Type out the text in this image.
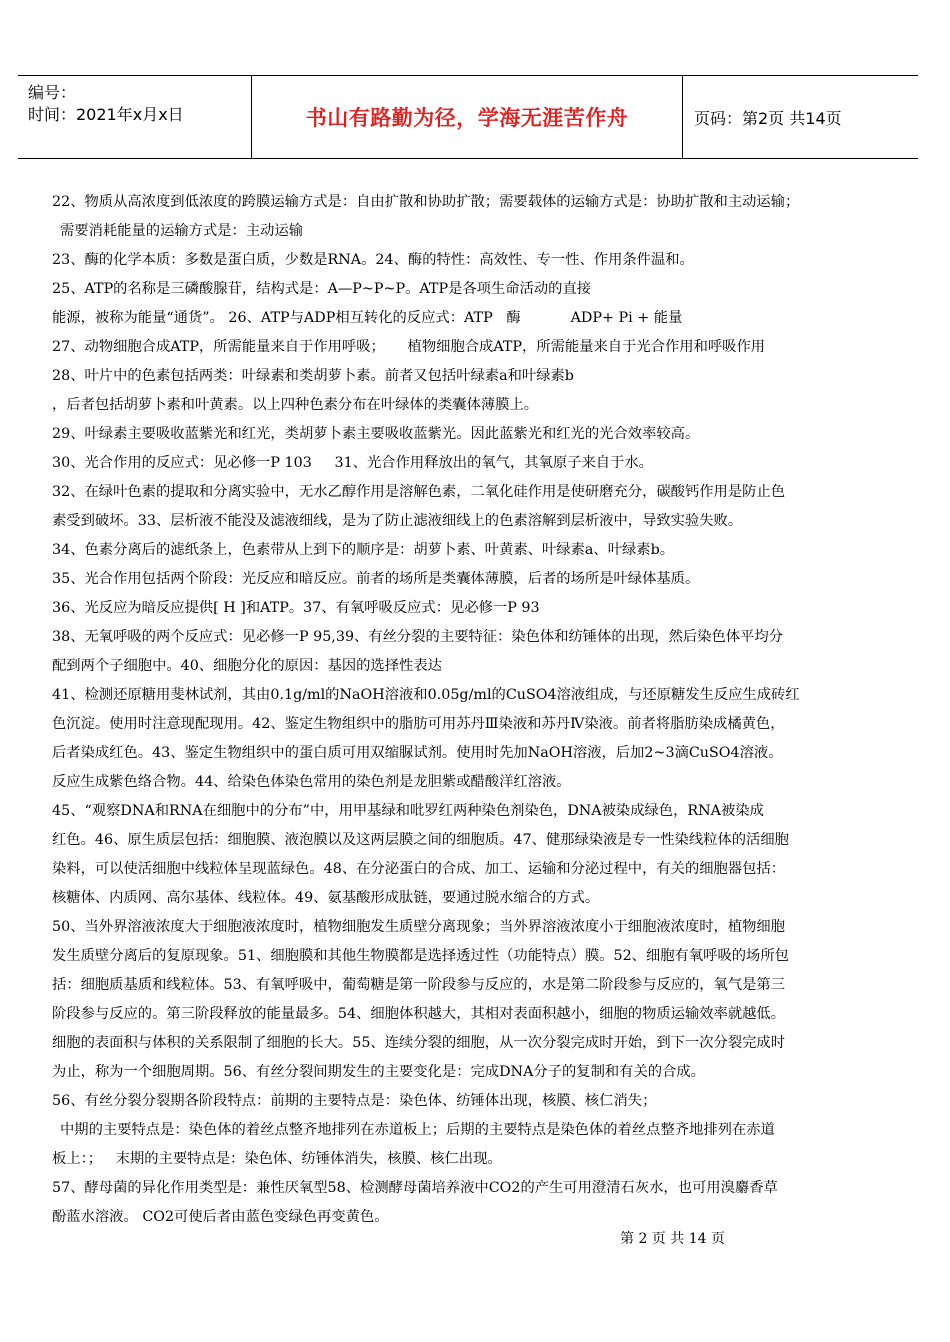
编号：
时间：2021年x月x日	书山有路勤为径，学海无涯苦作舟	页码：第2页 共14页
22、物质从高浓度到低浓度的跨膜运输方式是：自由扩散和协助扩散；需要载体的运输方式是：协助扩散和主动运输；
需要消耗能量的运输方式是：主动运输
23、酶的化学本质：多数是蛋白质，少数是RNA。24、酶的特性：高效性、专一性、作用条件温和。
25、ATP的名称是三磷酸腺苷，结构式是：A—P~P~P。ATP是各项生命活动的直接
能源，被称为能量“通货”。 26、ATP与ADP相互转化的反应式：ATP   酶           ADP+ Pi + 能量
27、动物细胞合成ATP，所需能量来自于作用呼吸；     植物细胞合成ATP，所需能量来自于光合作用和呼吸作用
28、叶片中的色素包括两类：叶绿素和类胡萝卜素。前者又包括叶绿素a和叶绿素b
，后者包括胡萝卜素和叶黄素。以上四种色素分布在叶绿体的类囊体薄膜上。
29、叶绿素主要吸收蓝紫光和红光，类胡萝卜素主要吸收蓝紫光。因此蓝紫光和红光的光合效率较高。
30、光合作用的反应式：见必修一P 103     31、光合作用释放出的氧气，其氧原子来自于水。
32、在绿叶色素的提取和分离实验中，无水乙醇作用是溶解色素，二氧化硅作用是使研磨充分，碳酸钙作用是防止色
素受到破坏。33、层析液不能没及滤液细线，是为了防止滤液细线上的色素溶解到层析液中，导致实验失败。
34、色素分离后的滤纸条上，色素带从上到下的顺序是：胡萝卜素、叶黄素、叶绿素a、叶绿素b。
35、光合作用包括两个阶段：光反应和暗反应。前者的场所是类囊体薄膜，后者的场所是叶绿体基质。
36、光反应为暗反应提供[ H ]和ATP。37、有氧呼吸反应式：见必修一P 93
38、无氧呼吸的两个反应式：见必修一P 95,39、有丝分裂的主要特征：染色体和纺锤体的出现，然后染色体平均分
配到两个子细胞中。40、细胞分化的原因：基因的选择性表达
41、检测还原糖用斐林试剂，其由0.1g/ml的NaOH溶液和0.05g/ml的CuSO4溶液组成，与还原糖发生反应生成砖红
色沉淀。使用时注意现配现用。42、鉴定生物组织中的脂肪可用苏丹Ⅲ染液和苏丹Ⅳ染液。前者将脂肪染成橘黄色，
后者染成红色。43、鉴定生物组织中的蛋白质可用双缩脲试剂。使用时先加NaOH溶液，后加2~3滴CuSO4溶液。
反应生成紫色络合物。44、给染色体染色常用的染色剂是龙胆紫或醋酸洋红溶液。
45、“观察DNA和RNA在细胞中的分布”中，用甲基绿和吡罗红两种染色剂染色，DNA被染成绿色，RNA被染成
红色。46、原生质层包括：细胞膜、液泡膜以及这两层膜之间的细胞质。47、健那绿染液是专一性染线粒体的活细胞
染料，可以使活细胞中线粒体呈现蓝绿色。48、在分泌蛋白的合成、加工、运输和分泌过程中，有关的细胞器包括：
核糖体、内质网、高尔基体、线粒体。49、氨基酸形成肽链，要通过脱水缩合的方式。
50、当外界溶液浓度大于细胞液浓度时，植物细胞发生质壁分离现象；当外界溶液浓度小于细胞液浓度时，植物细胞
发生质壁分离后的复原现象。51、细胞膜和其他生物膜都是选择透过性（功能特点）膜。52、细胞有氧呼吸的场所包
括：细胞质基质和线粒体。53、有氧呼吸中，葡萄糖是第一阶段参与反应的，水是第二阶段参与反应的，氧气是第三
阶段参与反应的。第三阶段释放的能量最多。54、细胞体积越大，其相对表面积越小，细胞的物质运输效率就越低。
细胞的表面积与体积的关系限制了细胞的长大。55、连续分裂的细胞，从一次分裂完成时开始，到下一次分裂完成时
为止，称为一个细胞周期。56、有丝分裂间期发生的主要变化是：完成DNA分子的复制和有关的合成。
56、有丝分裂分裂期各阶段特点：前期的主要特点是：染色体、纺锤体出现，核膜、核仁消失；
中期的主要特点是：染色体的着丝点整齐地排列在赤道板上；后期的主要特点是染色体的着丝点整齐地排列在赤道
板上：；   末期的主要特点是：染色体、纺锤体消失，核膜、核仁出现。
57、酵母菌的异化作用类型是：兼性厌氧型58、检测酵母菌培养液中CO2的产生可用澄清石灰水，也可用溴麝香草
酚蓝水溶液。 CO2可使后者由蓝色变绿色再变黄色。
第 2 页 共 14 页
